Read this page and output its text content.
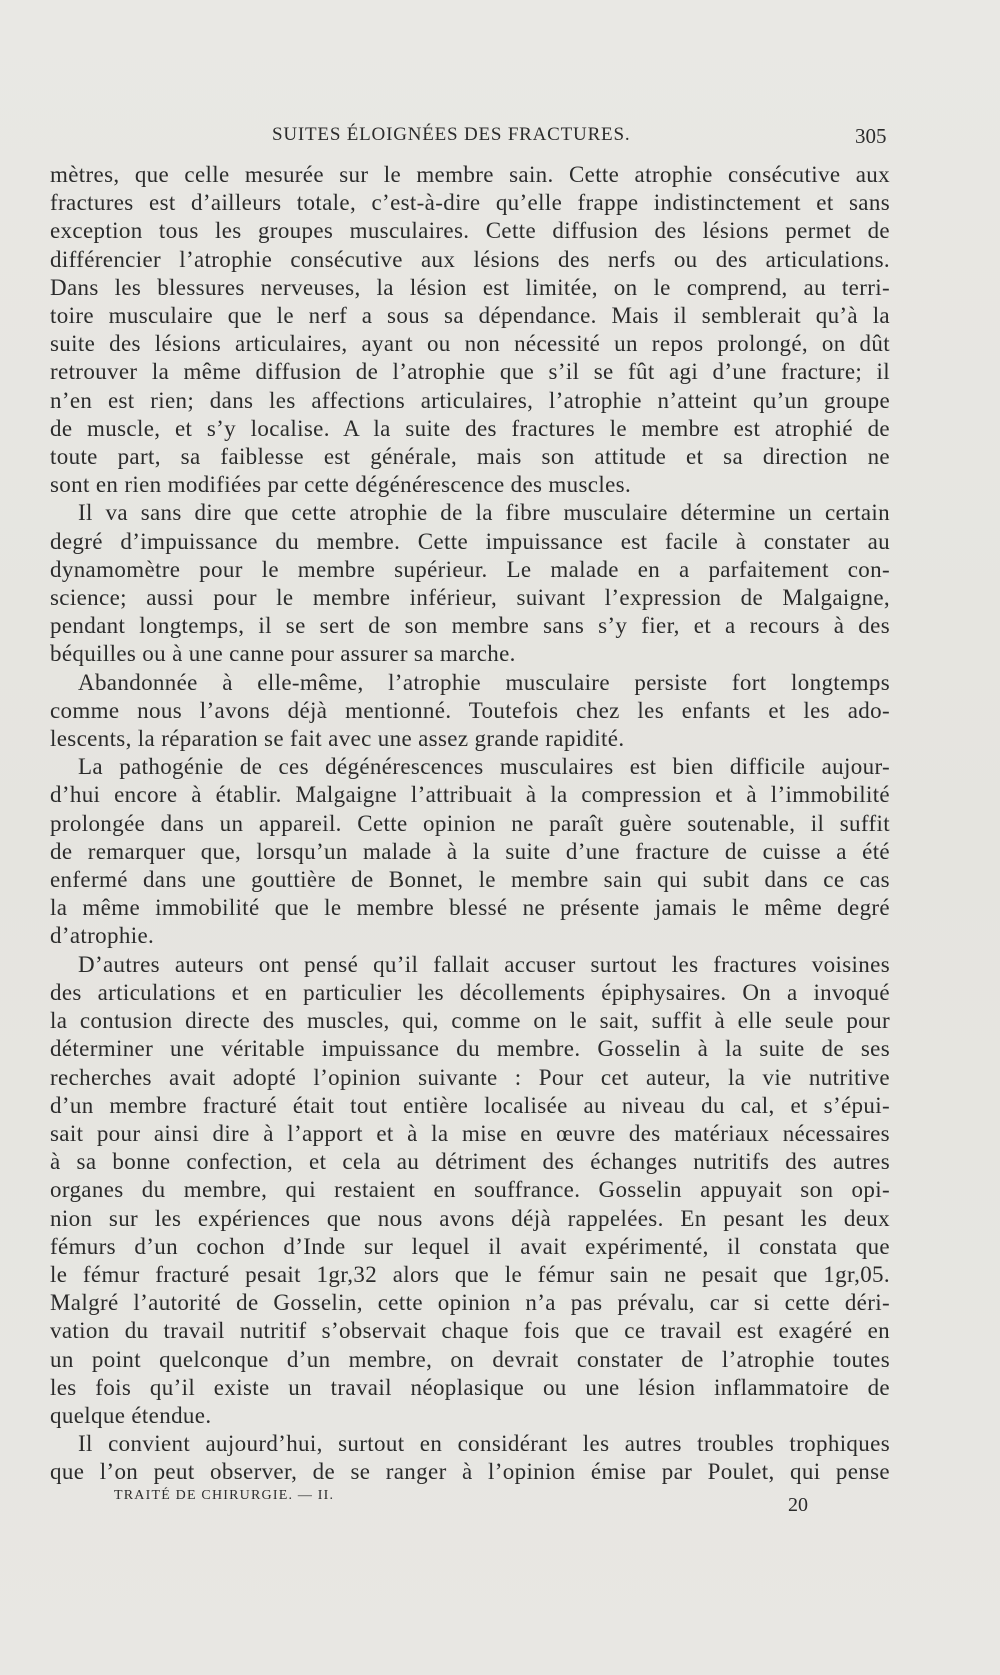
SUITES ÉLOIGNÉES DES FRACTURES.	305
mètres, que celle mesurée sur le membre sain. Cette atrophie consécutive aux
fractures est d’ailleurs totale, c’est-à-dire qu’elle frappe indistinctement et sans
exception tous les groupes musculaires. Cette diffusion des lésions permet de
différencier l’atrophie consécutive aux lésions des nerfs ou des articulations.
Dans les blessures nerveuses, la lésion est limitée, on le comprend, au terri-
toire musculaire que le nerf a sous sa dépendance. Mais il semblerait qu’à la
suite des lésions articulaires, ayant ou non nécessité un repos prolongé, on dût
retrouver la même diffusion de l’atrophie que s’il se fût agi d’une fracture; il
n’en est rien; dans les affections articulaires, l’atrophie n’atteint qu’un groupe
de muscle, et s’y localise. A la suite des fractures le membre est atrophié de
toute part, sa faiblesse est générale, mais son attitude et sa direction ne
sont en rien modifiées par cette dégénérescence des muscles.
Il va sans dire que cette atrophie de la fibre musculaire détermine un certain
degré d’impuissance du membre. Cette impuissance est facile à constater au
dynamomètre pour le membre supérieur. Le malade en a parfaitement con-
science; aussi pour le membre inférieur, suivant l’expression de Malgaigne,
pendant longtemps, il se sert de son membre sans s’y fier, et a recours à des
béquilles ou à une canne pour assurer sa marche.
Abandonnée à elle-même, l’atrophie musculaire persiste fort longtemps
comme nous l’avons déjà mentionné. Toutefois chez les enfants et les ado-
lescents, la réparation se fait avec une assez grande rapidité.
La pathogénie de ces dégénérescences musculaires est bien difficile aujour-
d’hui encore à établir. Malgaigne l’attribuait à la compression et à l’immobilité
prolongée dans un appareil. Cette opinion ne paraît guère soutenable, il suffit
de remarquer que, lorsqu’un malade à la suite d’une fracture de cuisse a été
enfermé dans une gouttière de Bonnet, le membre sain qui subit dans ce cas
la même immobilité que le membre blessé ne présente jamais le même degré
d’atrophie.
D’autres auteurs ont pensé qu’il fallait accuser surtout les fractures voisines
des articulations et en particulier les décollements épiphysaires. On a invoqué
la contusion directe des muscles, qui, comme on le sait, suffit à elle seule pour
déterminer une véritable impuissance du membre. Gosselin à la suite de ses
recherches avait adopté l’opinion suivante : Pour cet auteur, la vie nutritive
d’un membre fracturé était tout entière localisée au niveau du cal, et s’épui-
sait pour ainsi dire à l’apport et à la mise en œuvre des matériaux nécessaires
à sa bonne confection, et cela au détriment des échanges nutritifs des autres
organes du membre, qui restaient en souffrance. Gosselin appuyait son opi-
nion sur les expériences que nous avons déjà rappelées. En pesant les deux
fémurs d’un cochon d’Inde sur lequel il avait expérimenté, il constata que
le fémur fracturé pesait 1gr,32 alors que le fémur sain ne pesait que 1gr,05.
Malgré l’autorité de Gosselin, cette opinion n’a pas prévalu, car si cette déri-
vation du travail nutritif s’observait chaque fois que ce travail est exagéré en
un point quelconque d’un membre, on devrait constater de l’atrophie toutes
les fois qu’il existe un travail néoplasique ou une lésion inflammatoire de
quelque étendue.
Il convient aujourd’hui, surtout en considérant les autres troubles trophiques
que l’on peut observer, de se ranger à l’opinion émise par Poulet, qui pense
TRAITÉ DE CHIRURGIE. — II.	20
